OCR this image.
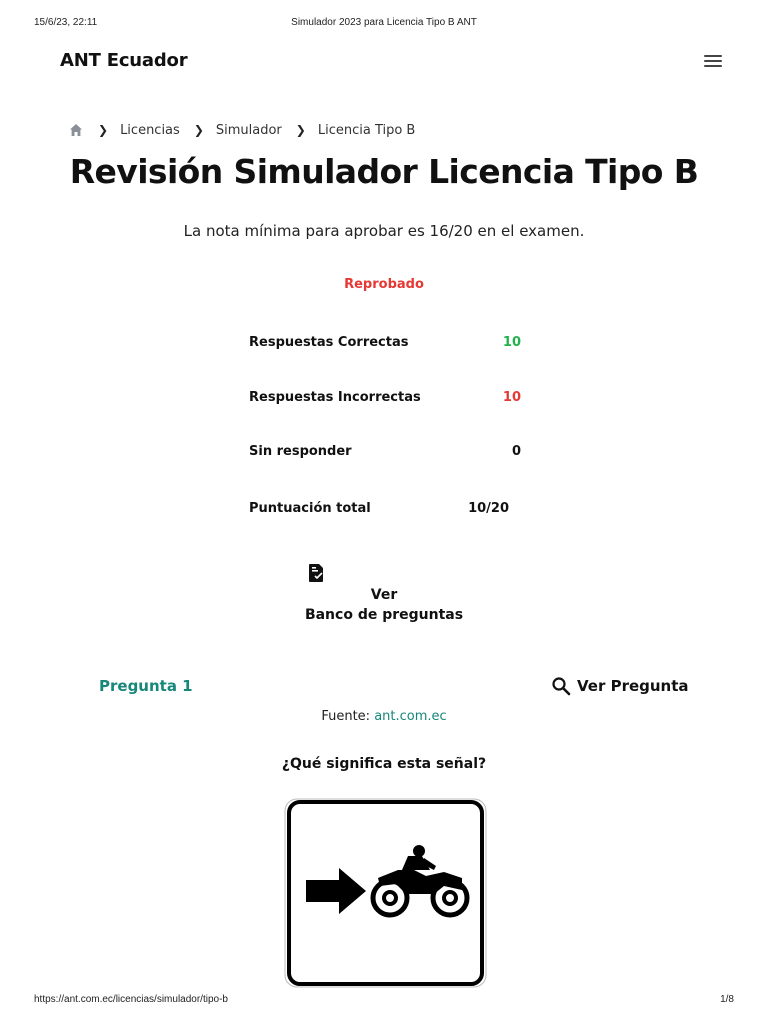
15/6/23, 22:11	Simulador 2023 para Licencia Tipo B ANT
ANT Ecuador
❯ Licencias ❯ Simulador ❯ Licencia Tipo B
Revisión Simulador Licencia Tipo B
La nota mínima para aprobar es 16/20 en el examen.
Reprobado
Respuestas Correctas	10
Respuestas Incorrectas	10
Sin responder	0
Puntuación total	10/20
Ver
Banco de preguntas
Pregunta 1	Ver Pregunta
Fuente: ant.com.ec
¿Qué significa esta señal?
https://ant.com.ec/licencias/simulador/tipo-b	1/8
